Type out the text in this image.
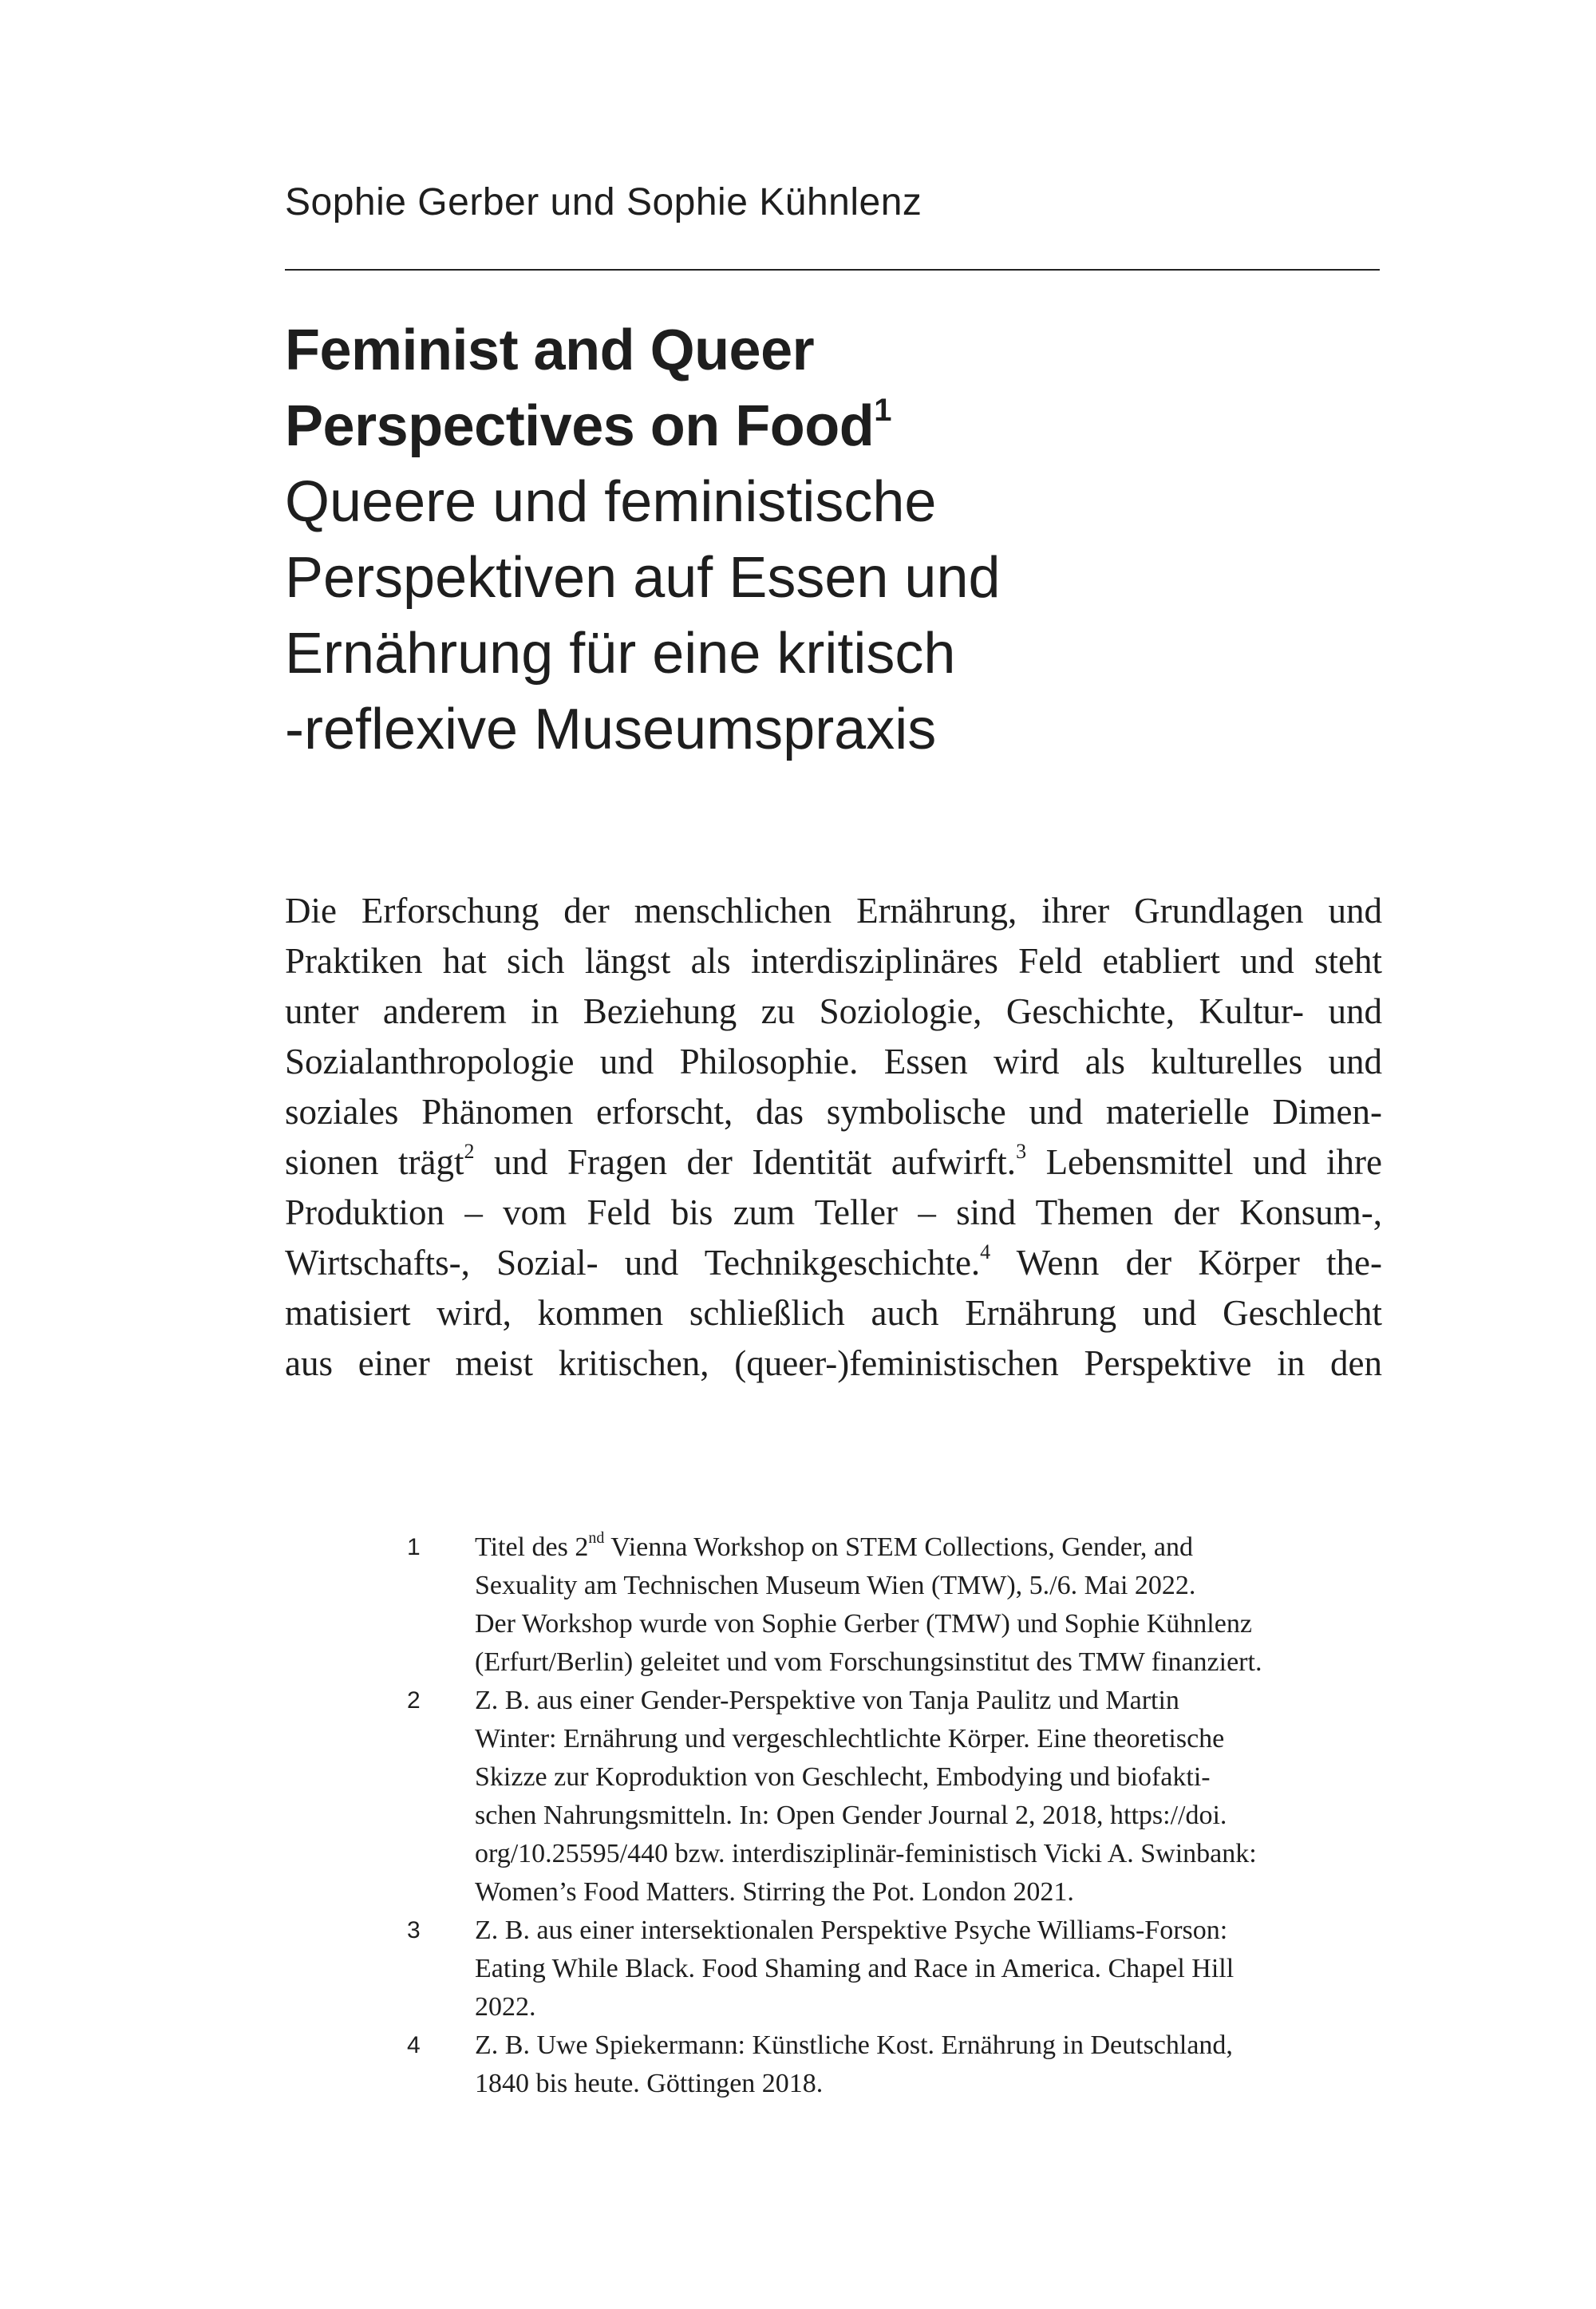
Sophie Gerber und Sophie Kühnlenz
Feminist and Queer
Perspectives on Food$^1$
Queere und feministische
Perspektiven auf Essen und
Ernährung für eine kritisch
-reflexive Museumspraxis
Die Erforschung der menschlichen Ernährung, ihrer Grundlagen und
Praktiken hat sich längst als interdisziplinäres Feld etabliert und steht
unter anderem in Beziehung zu Soziologie, Geschichte, Kultur- und
Sozialanthropologie und Philosophie. Essen wird als kulturelles und
soziales Phänomen erforscht, das symbolische und materielle Dimen-
sionen trägt$^2$ und Fragen der Identität aufwirft.$^3$ Lebensmittel und ihre
Produktion – vom Feld bis zum Teller – sind Themen der Konsum-,
Wirtschafts-, Sozial- und Technikgeschichte.$^4$ Wenn der Körper the-
matisiert wird, kommen schließlich auch Ernährung und Geschlecht
aus einer meist kritischen, (queer-)feministischen Perspektive in den
1 Titel des 2nd Vienna Workshop on STEM Collections, Gender, and
Sexuality am Technischen Museum Wien (TMW), 5./6. Mai 2022.
Der Workshop wurde von Sophie Gerber (TMW) und Sophie Kühnlenz
(Erfurt/Berlin) geleitet und vom Forschungsinstitut des TMW finanziert.
2 Z. B. aus einer Gender-Perspektive von Tanja Paulitz und Martin
Winter: Ernährung und vergeschlechtlichte Körper. Eine theoretische
Skizze zur Koproduktion von Geschlecht, Embodying und biofakti-
schen Nahrungsmitteln. In: Open Gender Journal 2, 2018, https://doi.
org/10.25595/440 bzw. interdisziplinär-feministisch Vicki A. Swinbank:
Women’s Food Matters. Stirring the Pot. London 2021.
3 Z. B. aus einer intersektionalen Perspektive Psyche Williams-Forson:
Eating While Black. Food Shaming and Race in America. Chapel Hill
2022.
4 Z. B. Uwe Spiekermann: Künstliche Kost. Ernährung in Deutschland,
1840 bis heute. Göttingen 2018.
